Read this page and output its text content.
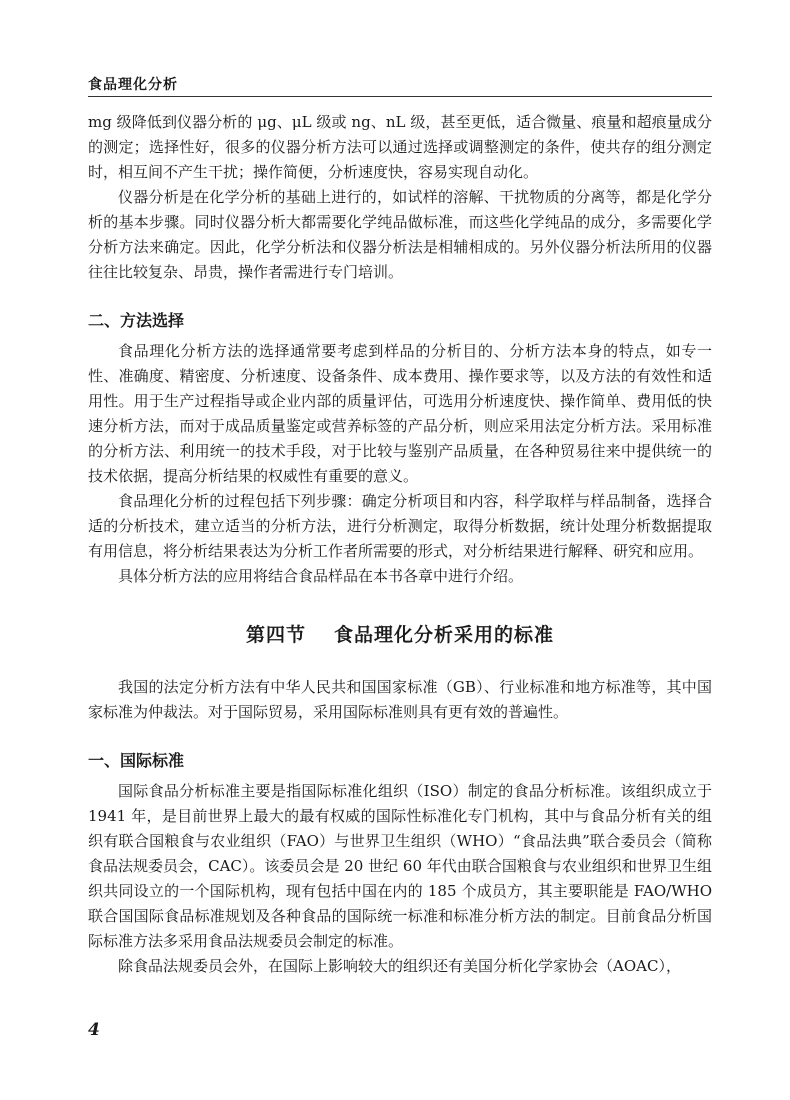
食品理化分析

mg 级降低到仪器分析的 μg、μL 级或 ng、nL 级，甚至更低，适合微量、痕量和超痕量成分的测定；选择性好，很多的仪器分析方法可以通过选择或调整测定的条件，使共存的组分测定时，相互间不产生干扰；操作简便，分析速度快，容易实现自动化。

仪器分析是在化学分析的基础上进行的，如试样的溶解、干扰物质的分离等，都是化学分析的基本步骤。同时仪器分析大都需要化学纯品做标准，而这些化学纯品的成分，多需要化学分析方法来确定。因此，化学分析法和仪器分析法是相辅相成的。另外仪器分析法所用的仪器往往比较复杂、昂贵，操作者需进行专门培训。

二、方法选择

食品理化分析方法的选择通常要考虑到样品的分析目的、分析方法本身的特点，如专一性、准确度、精密度、分析速度、设备条件、成本费用、操作要求等，以及方法的有效性和适用性。用于生产过程指导或企业内部的质量评估，可选用分析速度快、操作简单、费用低的快速分析方法，而对于成品质量鉴定或营养标签的产品分析，则应采用法定分析方法。采用标准的分析方法、利用统一的技术手段，对于比较与鉴别产品质量，在各种贸易往来中提供统一的技术依据，提高分析结果的权威性有重要的意义。

食品理化分析的过程包括下列步骤：确定分析项目和内容，科学取样与样品制备，选择合适的分析技术，建立适当的分析方法，进行分析测定，取得分析数据，统计处理分析数据提取有用信息，将分析结果表达为分析工作者所需要的形式，对分析结果进行解释、研究和应用。

具体分析方法的应用将结合食品样品在本书各章中进行介绍。

第四节 食品理化分析采用的标准

我国的法定分析方法有中华人民共和国国家标准（GB）、行业标准和地方标准等，其中国家标准为仲裁法。对于国际贸易，采用国际标准则具有更有效的普遍性。

一、国际标准

国际食品分析标准主要是指国际标准化组织（ISO）制定的食品分析标准。该组织成立于 1941 年，是目前世界上最大的最有权威的国际性标准化专门机构，其中与食品分析有关的组织有联合国粮食与农业组织（FAO）与世界卫生组织（WHO）“食品法典”联合委员会（简称食品法规委员会，CAC）。该委员会是 20 世纪 60 年代由联合国粮食与农业组织和世界卫生组织共同设立的一个国际机构，现有包括中国在内的 185 个成员方，其主要职能是 FAO/WHO 联合国国际食品标准规划及各种食品的国际统一标准和标准分析方法的制定。目前食品分析国际标准方法多采用食品法规委员会制定的标准。

除食品法规委员会外，在国际上影响较大的组织还有美国分析化学家协会（AOAC），

4
